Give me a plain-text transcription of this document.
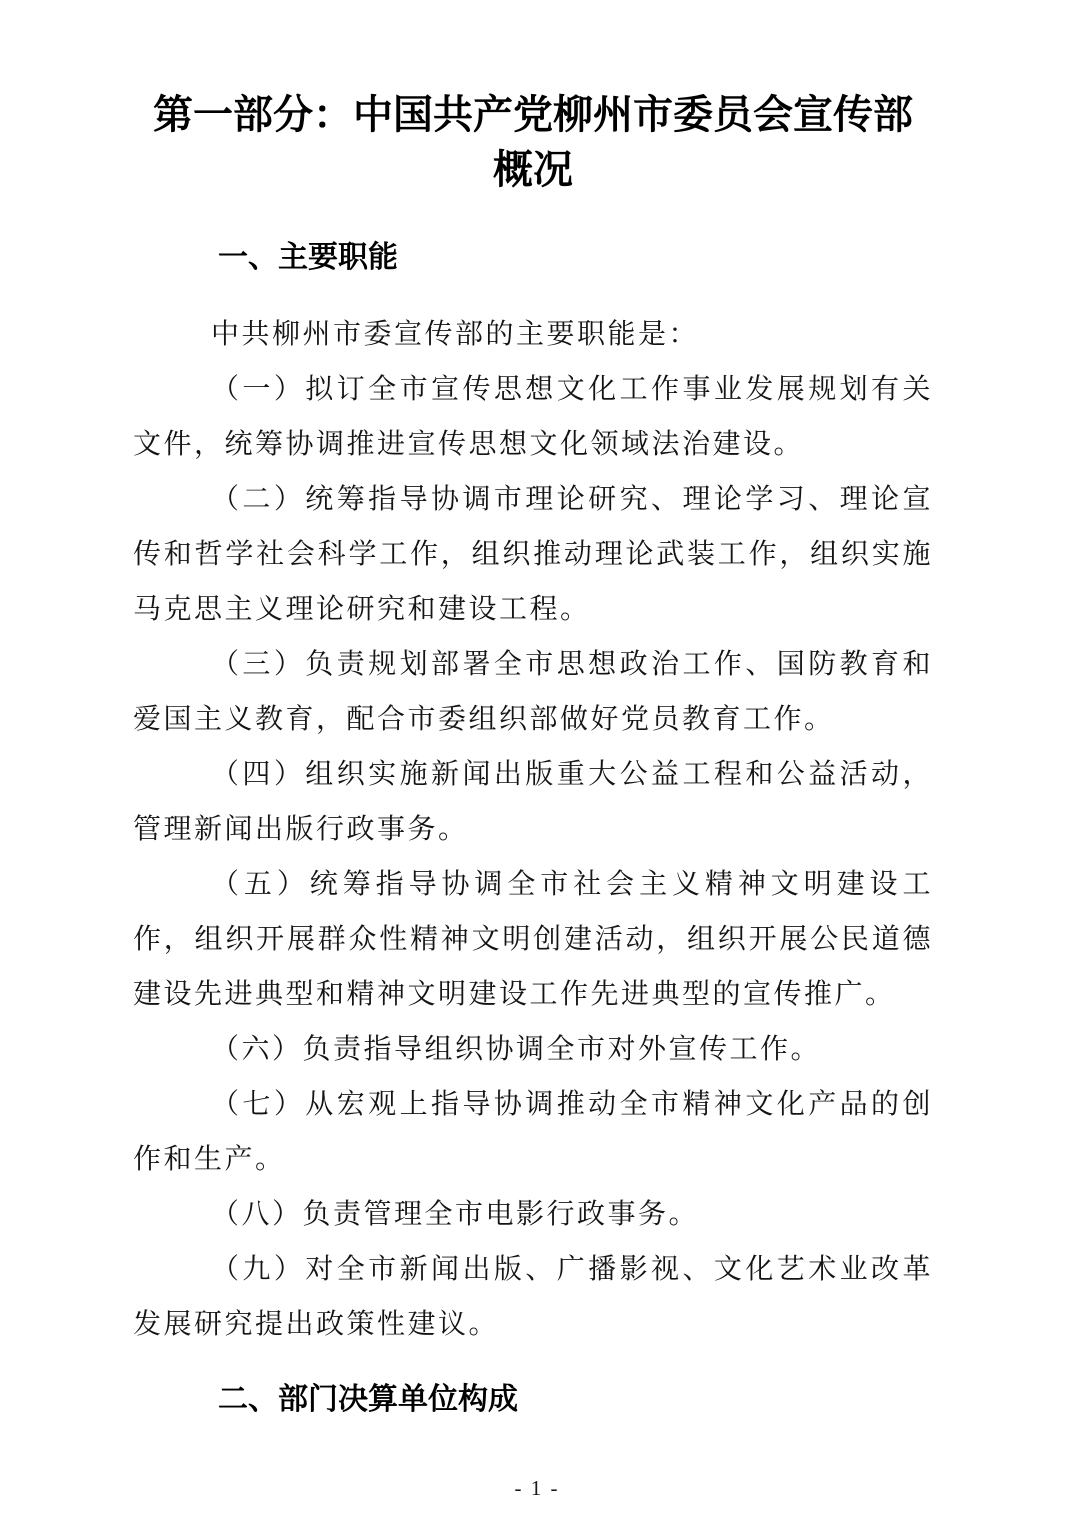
第一部分：中国共产党柳州市委员会宣传部
概况
一、主要职能

中共柳州市委宣传部的主要职能是：

（一）拟订全市宣传思想文化工作事业发展规划有关文件，统筹协调推进宣传思想文化领域法治建设。

（二）统筹指导协调市理论研究、理论学习、理论宣传和哲学社会科学工作，组织推动理论武装工作，组织实施马克思主义理论研究和建设工程。

（三）负责规划部署全市思想政治工作、国防教育和爱国主义教育，配合市委组织部做好党员教育工作。

（四）组织实施新闻出版重大公益工程和公益活动，管理新闻出版行政事务。

（五）统筹指导协调全市社会主义精神文明建设工作，组织开展群众性精神文明创建活动，组织开展公民道德建设先进典型和精神文明建设工作先进典型的宣传推广。

（六）负责指导组织协调全市对外宣传工作。

（七）从宏观上指导协调推动全市精神文化产品的创作和生产。

（八）负责管理全市电影行政事务。

（九）对全市新闻出版、广播影视、文化艺术业改革发展研究提出政策性建议。

二、部门决算单位构成
- 1 -
